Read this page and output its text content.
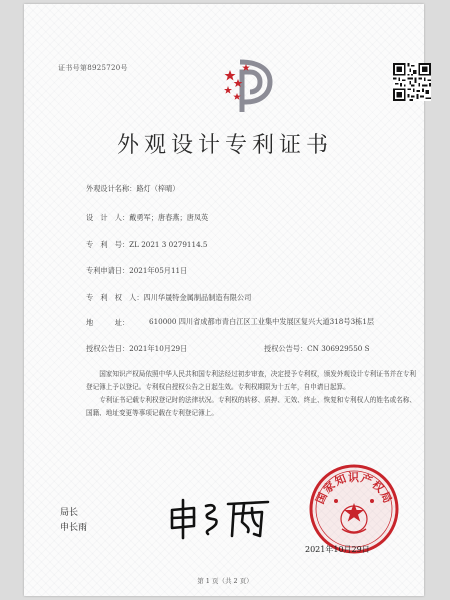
证书号第8925720号
外观设计专利证书
外观设计名称：路灯（梓晴）
设　计　人：戴勇军；唐春燕；唐凤英
专　利　号：ZL 2021 3 0279114.5
专利申请日：2021年05月11日
专　利　权　人：四川华晟特金属制品制造有限公司
地　　　址：	610000 四川省成都市青白江区工业集中发展区复兴大道318号3栋1层
授权公告日：2021年10月29日	授权公告号：CN 306929550 S

国家知识产权局依照中华人民共和国专利法经过初步审查，决定授予专利权，颁发外观设计专利证书并在专利登记簿上予以登记。专利权自授权公告之日起生效。专利权期限为十五年，自申请日起算。

专利证书记载专利权登记时的法律状况。专利权的转移、质押、无效、终止、恢复和专利权人的姓名或名称、国籍、地址变更等事项记载在专利登记簿上。

局长
申长雨
申长雨	国家知识产权局
2021年10月29日
第 1 页（共 2 页）
